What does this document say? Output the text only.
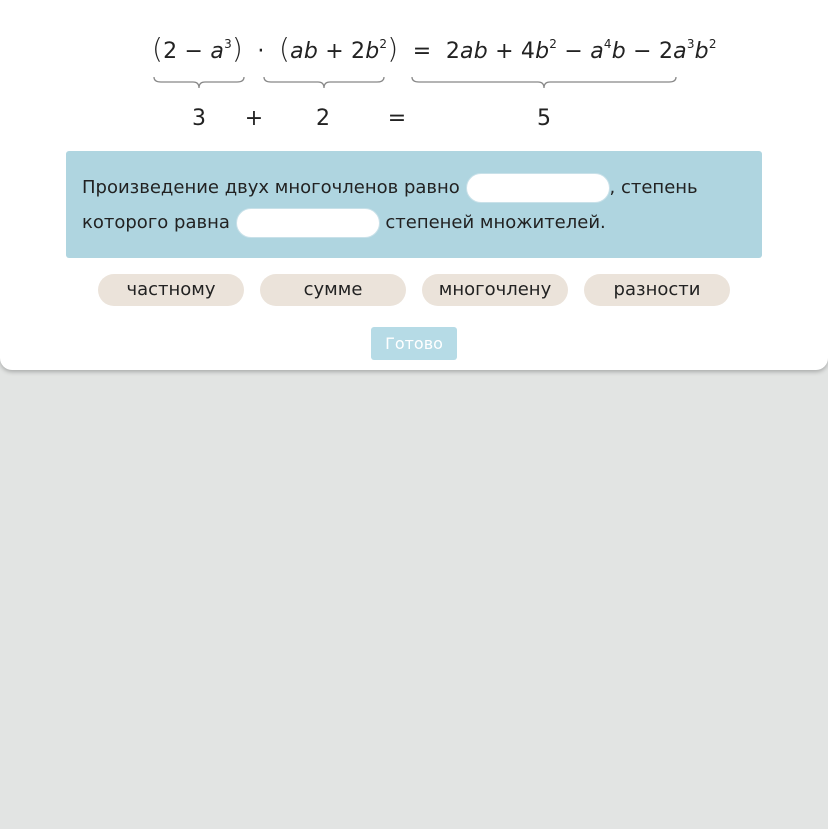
$(2 - a^3) \cdot (ab + 2b^2) = 2ab + 4b^2 - a^4b - 2a^3b^2$
3	+	2	=	5
Произведение двух многочленов равно	, степень
которого равна	степеней множителей.
частному	сумме	многочлену	разности
Готово
